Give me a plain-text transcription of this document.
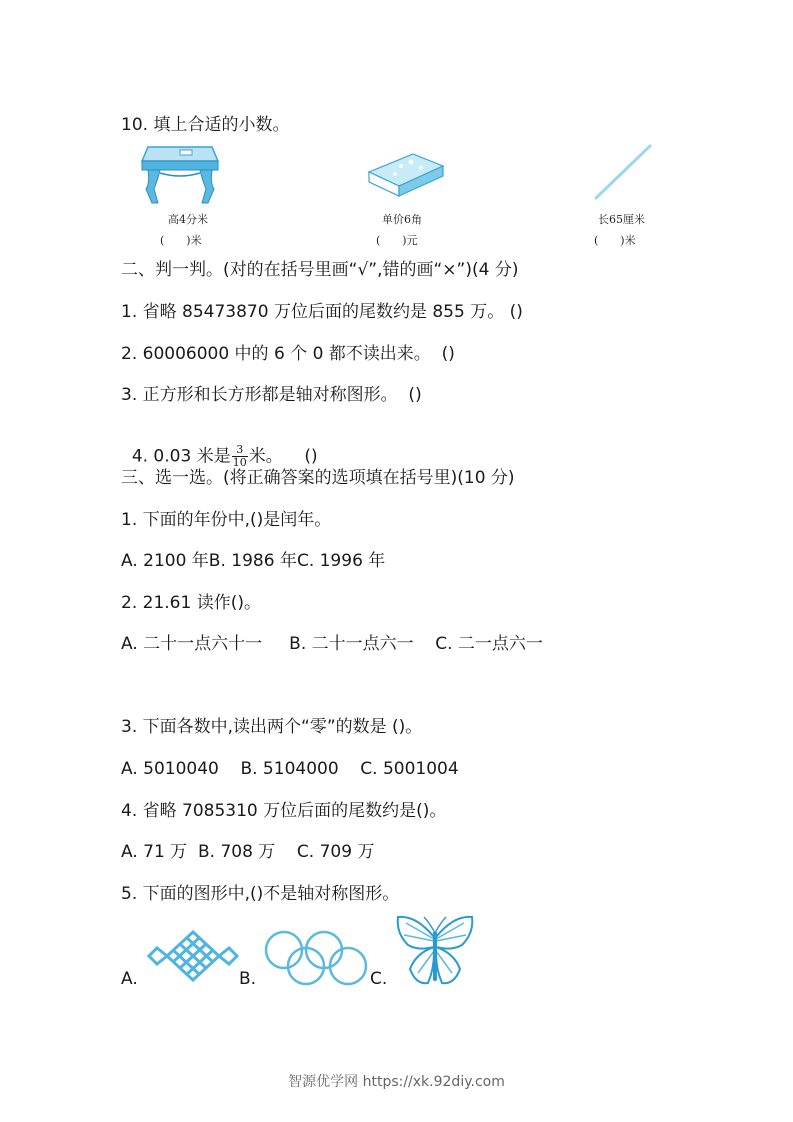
10. 填上合适的小数。
高4分米
(　　)米
单价6角
(　　)元
长65厘米
(　　)米
二、判一判。(对的在括号里画“√”,错的画“×”)(4 分)
1. 省略 85473870 万位后面的尾数约是 855 万。 ()
2. 60006000 中的 6 个 0 都不读出来。  ()
3. 正方形和长方形都是轴对称图形。  ()

4. 0.03 米是 $\frac{3}{10}$ 米。    ()

三、选一选。(将正确答案的选项填在括号里)(10 分)
1. 下面的年份中,()是闰年。
A. 2100 年B. 1986 年C. 1996 年
2. 21.61 读作()。
A. 二十一点六十一     B. 二十一点六一    C. 二一点六一
3. 下面各数中,读出两个“零”的数是 ()。
A. 5010040    B. 5104000    C. 5001004
4. 省略 7085310 万位后面的尾数约是()。
A. 71 万  B. 708 万    C. 709 万
5. 下面的图形中,()不是轴对称图形。
A.	B.	C.
智源优学网 https://xk.92diy.com
